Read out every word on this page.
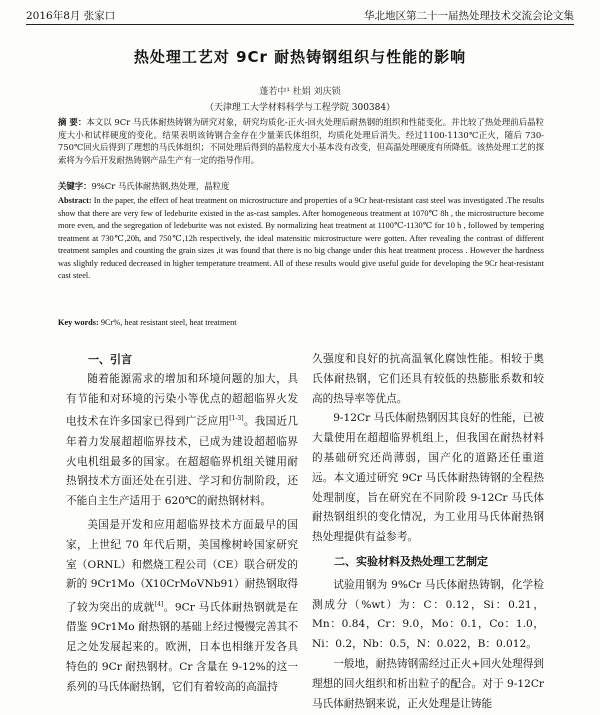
2016年8月 张家口	华北地区第二十一届热处理技术交流会论文集
热处理工艺对 9Cr 耐热铸钢组织与性能的影响
蓬若中¹ 杜娟 刘庆锁
（天津理工大学材料科学与工程学院 300384）
摘 要：本文以 9Cr 马氏体耐热铸钢为研究对象，研究均质化-正火-回火处理后耐热钢的组织和性能变化。并比较了热处理前后晶粒度大小和试样硬度的变化。结果表明该铸钢合金存在少量莱氏体组织，均质化处理后消失。经过1100-1130℃正火，随后 730-750℃回火后得到了理想的马氏体组织；不同处理后得到的晶粒度大小基本没有改变，但高温处理硬度有所降低。该热处理工艺的探索将为今后开发耐热铸钢产品生产有一定的指导作用。
关键字：9%Cr 马氏体耐热钢,热处理，晶粒度
Abstract: In the paper, the effect of heat treatment on microstructure and properties of a 9Cr heat-resistant cast steel was investigated .The results show that there are very few of ledeburite existed in the as-cast samples. After homogeneous treatment at 1070℃ 8h , the microstructure become more even, and the segregation of ledeburite was not existed. By normalizing heat treatment at 1100℃-1130℃ for 10 h , followed by tempering treatment at 730℃,20h, and 750℃,12h respectively, the ideal matensitic microstructure were gotten. After revealing the contrast of different treatment samples and counting the grain sizes ,it was found that there is no big change under this heat treatment process . However the hardness was slightly reduced decreased in higher temperature treatment. All of these results would give useful guide for developing the 9Cr heat-resistant cast steel.
Key words: 9Cr%, heat resistant steel, heat treatment

一、引言

随着能源需求的增加和环境问题的加大，具有节能和对环境的污染小等优点的超超临界火发电技术在许多国家已得到广泛应用[1-3]。我国近几年着力发展超超临界技术，已成为建设超超临界火电机组最多的国家。在超超临界机组关键用耐热钢技术方面还处在引进、学习和仿制阶段，还不能自主生产适用于 620℃的耐热钢材料。

美国是开发和应用超临界技术方面最早的国家，上世纪 70 年代后期，美国橡树岭国家研究室（ORNL）和燃烧工程公司（CE）联合研发的新的 9Cr1Mo（X10CrMoVNb91）耐热钢取得了较为突出的成就[4]。9Cr 马氏体耐热钢就是在借鉴 9Cr1Mo 耐热钢的基础上经过慢慢完善其不足之处发展起来的。欧洲，日本也相继开发各具特色的 9Cr 耐热钢材。Cr 含量在 9-12%的这一系列的马氏体耐热钢，它们有着较高的高温持

久强度和良好的抗高温氧化腐蚀性能。相较于奥氏体耐热钢，它们还具有较低的热膨胀系数和较高的热导率等优点。

9-12Cr 马氏体耐热钢因其良好的性能，已被大量使用在超超临界机组上，但我国在耐热材料的基础研究还尚薄弱，国产化的道路还任重道远。本文通过研究 9Cr 马氏体耐热铸钢的全程热处理制度，旨在研究在不同阶段 9-12Cr 马氏体耐热钢组织的变化情况，为工业用马氏体耐热钢热处理提供有益参考。

二、实验材料及热处理工艺制定

试验用钢为 9%Cr 马氏体耐热铸钢，化学检测成分（%wt）为：C：0.12，Si：0.21，Mn：0.84，Cr：9.0，Mo：0.1，Co：1.0，Ni：0.2，Nb：0.5，N：0.022，B：0.012。

一般地，耐热铸钢需经过正火+回火处理得到理想的回火组织和析出粒子的配合。对于 9-12Cr 马氏体耐热钢来说，正火处理是让铸能
